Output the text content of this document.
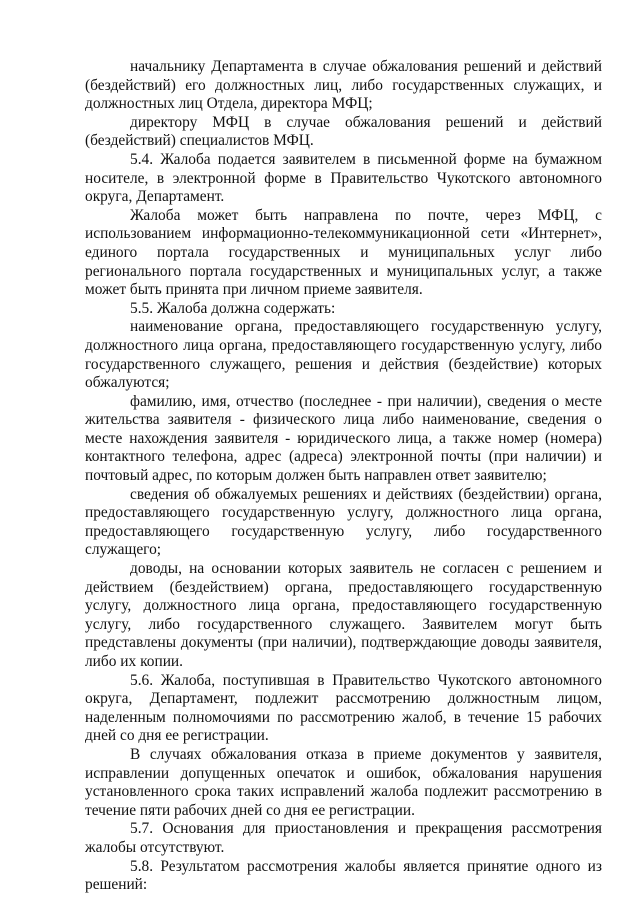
начальнику Департамента в случае обжалования решений и действий (бездействий) его должностных лиц, либо государственных служащих, и должностных лиц Отдела, директора МФЦ;

директору МФЦ в случае обжалования решений и действий (бездействий) специалистов МФЦ.

5.4. Жалоба подается заявителем в письменной форме на бумажном носителе, в электронной форме в Правительство Чукотского автономного округа, Департамент.

Жалоба может быть направлена по почте, через МФЦ, с использованием информационно-телекоммуникационной сети «Интернет», единого портала государственных и муниципальных услуг либо регионального портала государственных и муниципальных услуг, а также может быть принята при личном приеме заявителя.

5.5. Жалоба должна содержать:

наименование органа, предоставляющего государственную услугу, должностного лица органа, предоставляющего государственную услугу, либо государственного служащего, решения и действия (бездействие) которых обжалуются;

фамилию, имя, отчество (последнее - при наличии), сведения о месте жительства заявителя - физического лица либо наименование, сведения о месте нахождения заявителя - юридического лица, а также номер (номера) контактного телефона, адрес (адреса) электронной почты (при наличии) и почтовый адрес, по которым должен быть направлен ответ заявителю;

сведения об обжалуемых решениях и действиях (бездействии) органа, предоставляющего государственную услугу, должностного лица органа, предоставляющего государственную услугу, либо государственного служащего;

доводы, на основании которых заявитель не согласен с решением и действием (бездействием) органа, предоставляющего государственную услугу, должностного лица органа, предоставляющего государственную услугу, либо государственного служащего. Заявителем могут быть представлены документы (при наличии), подтверждающие доводы заявителя, либо их копии.

5.6. Жалоба, поступившая в Правительство Чукотского автономного округа, Департамент, подлежит рассмотрению должностным лицом, наделенным полномочиями по рассмотрению жалоб, в течение 15 рабочих дней со дня ее регистрации.

В случаях обжалования отказа в приеме документов у заявителя, исправлении допущенных опечаток и ошибок, обжалования нарушения установленного срока таких исправлений жалоба подлежит рассмотрению в течение пяти рабочих дней со дня ее регистрации.

5.7. Основания для приостановления и прекращения рассмотрения жалобы отсутствуют.

5.8. Результатом рассмотрения жалобы является принятие одного из решений:
